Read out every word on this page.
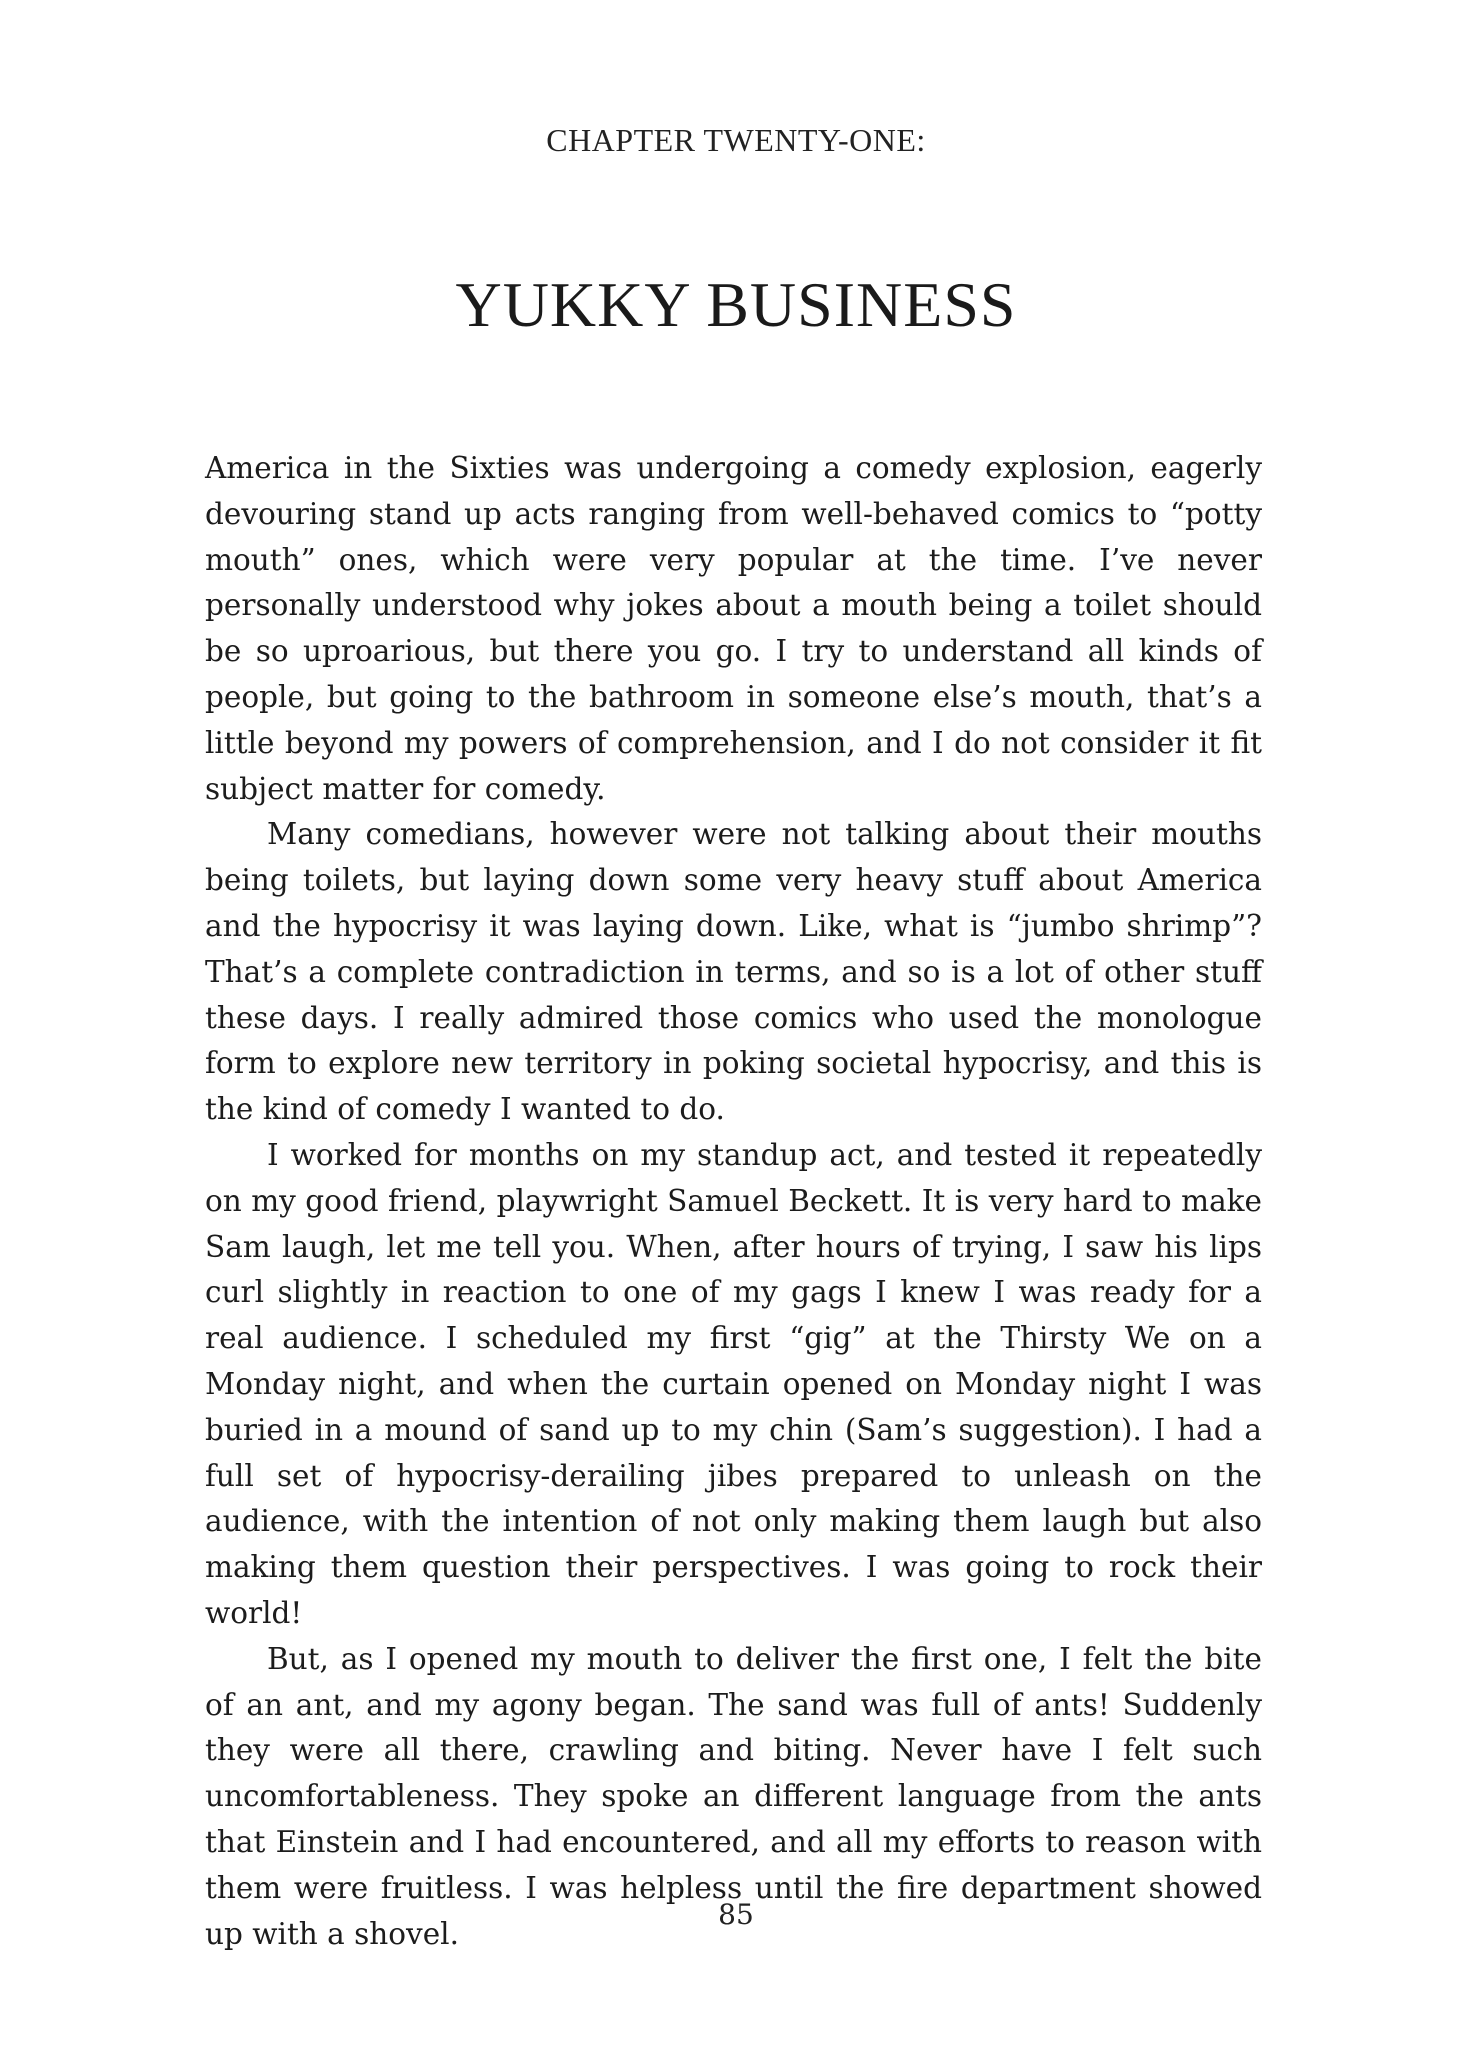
CHAPTER TWENTY-ONE:
YUKKY BUSINESS

America in the Sixties was undergoing a comedy explosion, eagerly devouring stand up acts ranging from well-behaved comics to “potty mouth” ones, which were very popular at the time. I’ve never personally understood why jokes about a mouth being a toilet should be so uproarious, but there you go. I try to understand all kinds of people, but going to the bathroom in someone else’s mouth, that’s a little beyond my powers of comprehension, and I do not consider it fit subject matter for comedy.

Many comedians, however were not talking about their mouths being toilets, but laying down some very heavy stuff about America and the hypocrisy it was laying down. Like, what is “jumbo shrimp”? That’s a complete contradiction in terms, and so is a lot of other stuff these days. I really admired those comics who used the monologue form to explore new territory in poking societal hypocrisy, and this is the kind of comedy I wanted to do.

I worked for months on my standup act, and tested it repeatedly on my good friend, playwright Samuel Beckett. It is very hard to make Sam laugh, let me tell you. When, after hours of trying, I saw his lips curl slightly in reaction to one of my gags I knew I was ready for a real audience. I scheduled my first “gig” at the Thirsty We on a Monday night, and when the curtain opened on Monday night I was buried in a mound of sand up to my chin (Sam’s suggestion). I had a full set of hypocrisy-derailing jibes prepared to unleash on the audience, with the intention of not only making them laugh but also making them question their perspectives. I was going to rock their world!

But, as I opened my mouth to deliver the first one, I felt the bite of an ant, and my agony began. The sand was full of ants! Suddenly they were all there, crawling and biting. Never have I felt such uncomfortableness. They spoke an different language from the ants that Einstein and I had encountered, and all my efforts to reason with them were fruitless. I was helpless until the fire department showed up with a shovel.

85
